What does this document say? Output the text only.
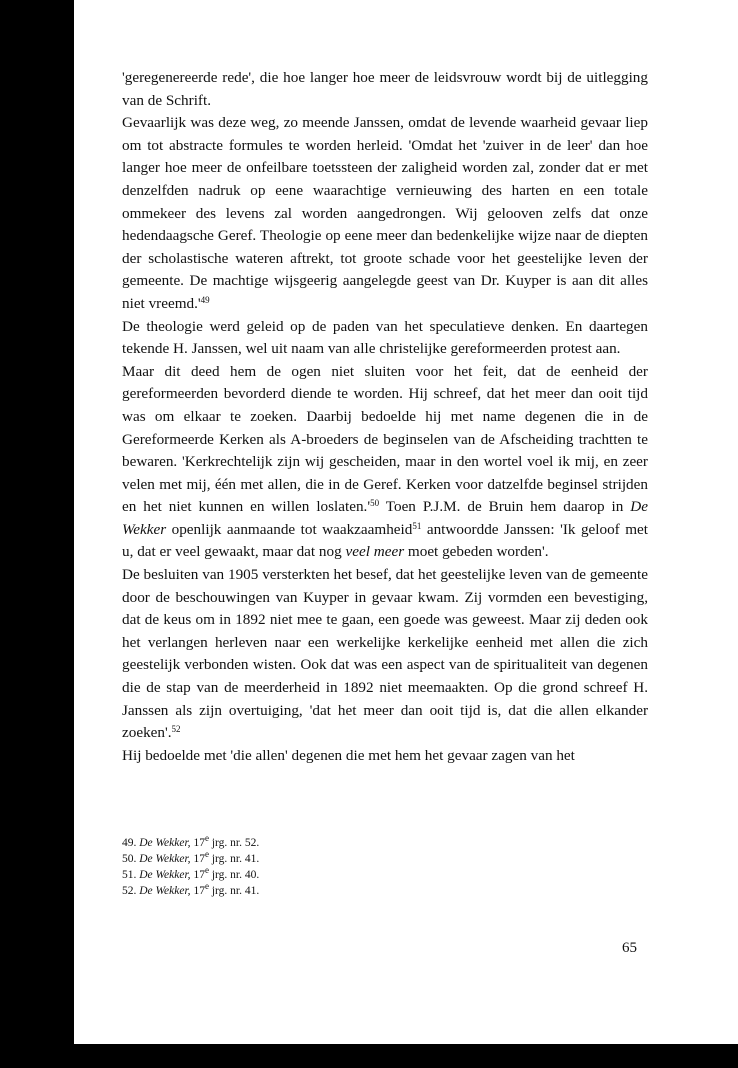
'geregenereerde rede', die hoe langer hoe meer de leidsvrouw wordt bij de uitlegging van de Schrift.

Gevaarlijk was deze weg, zo meende Janssen, omdat de levende waarheid gevaar liep om tot abstracte formules te worden herleid. 'Omdat het 'zuiver in de leer' dan hoe langer hoe meer de onfeilbare toetssteen der zaligheid worden zal, zonder dat er met denzelfden nadruk op eene waarachtige vernieuwing des harten en een totale ommekeer des levens zal worden aangedrongen. Wij gelooven zelfs dat onze hedendaagsche Geref. Theologie op eene meer dan bedenkelijke wijze naar de diepten der scholastische wateren aftrekt, tot groote schade voor het geestelijke leven der gemeente. De machtige wijsgeerig aangelegde geest van Dr. Kuyper is aan dit alles niet $vreemd.'^{49}$

De theologie werd geleid op de paden van het speculatieve denken. En daartegen tekende H. Janssen, wel uit naam van alle christelijke gereformeerden protest aan.

Maar dit deed hem de ogen niet sluiten voor het feit, dat de eenheid der gereformeerden bevorderd diende te worden. Hij schreef, dat het meer dan ooit tijd was om elkaar te zoeken. Daarbij bedoelde hij met name degenen die in de Gereformeerde Kerken als A-broeders de beginselen van de Afscheiding trachtten te bewaren. 'Kerkrechtelijk zijn wij gescheiden, maar in den wortel voel ik mij, en zeer velen met mij, één met allen, die in de Geref. Kerken voor datzelfde beginsel strijden en het niet kunnen en willen $loslaten.'^{50}$ Toen P.J.M. de Bruin hem daarop in De Wekker openlijk aanmaande tot waakzaamheid$^{51}$ antwoordde Janssen: 'Ik geloof met u, dat er veel gewaakt, maar dat nog veel meer moet gebeden worden'.

De besluiten van 1905 versterkten het besef, dat het geestelijke leven van de gemeente door de beschouwingen van Kuyper in gevaar kwam. Zij vormden een bevestiging, dat de keus om in 1892 niet mee te gaan, een goede was geweest. Maar zij deden ook het verlangen herleven naar een werkelijke kerkelijke eenheid met allen die zich geestelijk verbonden wisten. Ook dat was een aspect van de spiritualiteit van degenen die de stap van de meerderheid in 1892 niet meemaakten. Op die grond schreef H. Janssen als zijn overtuiging, 'dat het meer dan ooit tijd is, dat die allen elkander zoeken'.$^{52}$

Hij bedoelde met 'die allen' degenen die met hem het gevaar zagen van het

49. De Wekker, 17e jrg. nr. 52.
50. De Wekker, 17e jrg. nr. 41.
51. De Wekker, 17e jrg. nr. 40.
52. De Wekker, 17e jrg. nr. 41.
65
